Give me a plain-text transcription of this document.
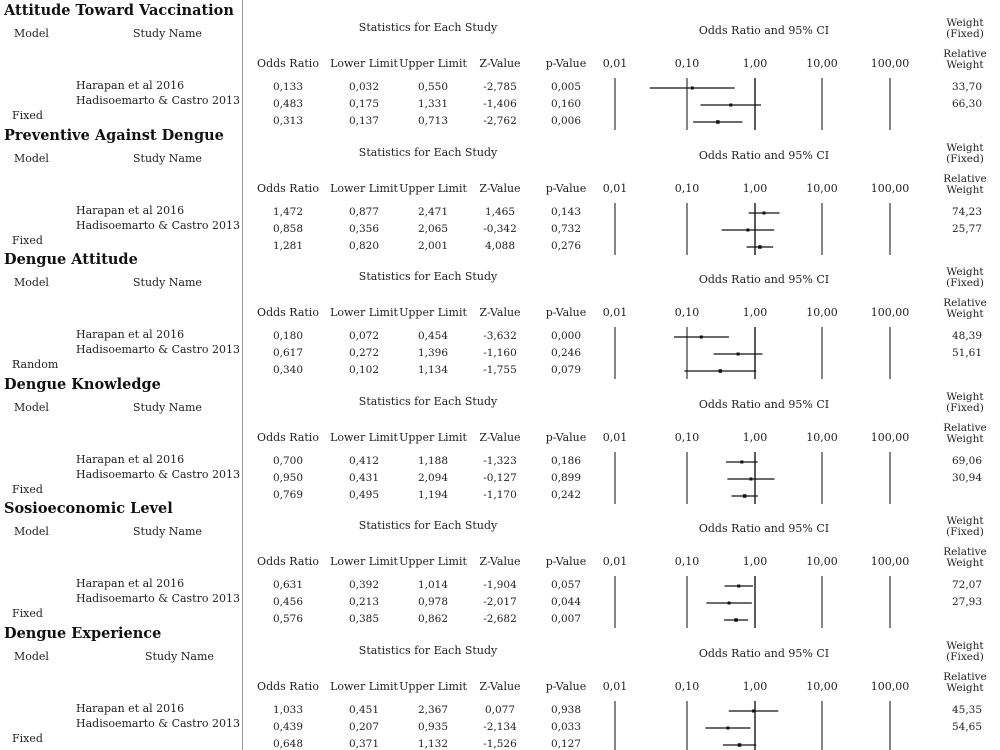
Attitude Toward Vaccination
Model	Study Name	Statistics for Each Study	Odds Ratio and 95% CI
Weight (Fixed)
Relative Weight
Odds Ratio	Lower Limit Upper Limit	Z-Value	p-Value	0,01	0,10	1,00	10,00	100,00
Harapan et al 2016	0,133	0,032	0,550	-2,785	0,005	33,70
Hadisoemarto & Castro 2013	0,483	0,175	1,331	-1,406	0,160	66,30
Fixed	0,313	0,137	0,713	-2,762	0,006
Preventive Against Dengue
Model	Study Name	Statistics for Each Study	Odds Ratio and 95% CI
Weight (Fixed)
Relative Weight
Odds Ratio	Lower Limit Upper Limit	Z-Value	p-Value	0,01	0,10	1,00	10,00	100,00
Harapan et al 2016	1,472	0,877	2,471	1,465	0,143	74,23
Hadisoemarto & Castro 2013	0,858	0,356	2,065	-0,342	0,732	25,77
Fixed	1,281	0,820	2,001	4,088	0,276
Dengue Attitude
Model	Study Name	Statistics for Each Study	Odds Ratio and 95% CI
Weight (Fixed)
Relative Weight
Odds Ratio	Lower Limit Upper Limit	Z-Value	p-Value	0,01	0,10	1,00	10,00	100,00
Harapan et al 2016	0,180	0,072	0,454	-3,632	0,000	48,39
Hadisoemarto & Castro 2013	0,617	0,272	1,396	-1,160	0,246	51,61
Random	0,340	0,102	1,134	-1,755	0,079
Dengue Knowledge
Model	Study Name	Statistics for Each Study	Odds Ratio and 95% CI
Weight (Fixed)
Relative Weight
Odds Ratio	Lower Limit Upper Limit	Z-Value	p-Value	0,01	0,10	1,00	10,00	100,00
Harapan et al 2016	0,700	0,412	1,188	-1,323	0,186	69,06
Hadisoemarto & Castro 2013	0,950	0,431	2,094	-0,127	0,899	30,94
Fixed	0,769	0,495	1,194	-1,170	0,242
Sosioeconomic Level
Model	Study Name	Statistics for Each Study	Odds Ratio and 95% CI
Weight (Fixed)
Relative Weight
Odds Ratio	Lower Limit Upper Limit	Z-Value	p-Value	0,01	0,10	1,00	10,00	100,00
Harapan et al 2016	0,631	0,392	1,014	-1,904	0,057	72,07
Hadisoemarto & Castro 2013	0,456	0,213	0,978	-2,017	0,044	27,93
Fixed	0,576	0,385	0,862	-2,682	0,007
Dengue Experience
Model	Study Name	Statistics for Each Study	Odds Ratio and 95% CI
Weight (Fixed)
Relative Weight
Odds Ratio	Lower Limit Upper Limit	Z-Value	p-Value	0,01	0,10	1,00	10,00	100,00
Harapan et al 2016	1,033	0,451	2,367	0,077	0,938	45,35
Hadisoemarto & Castro 2013	0,439	0,207	0,935	-2,134	0,033	54,65
Fixed	0,648	0,371	1,132	-1,526	0,127
